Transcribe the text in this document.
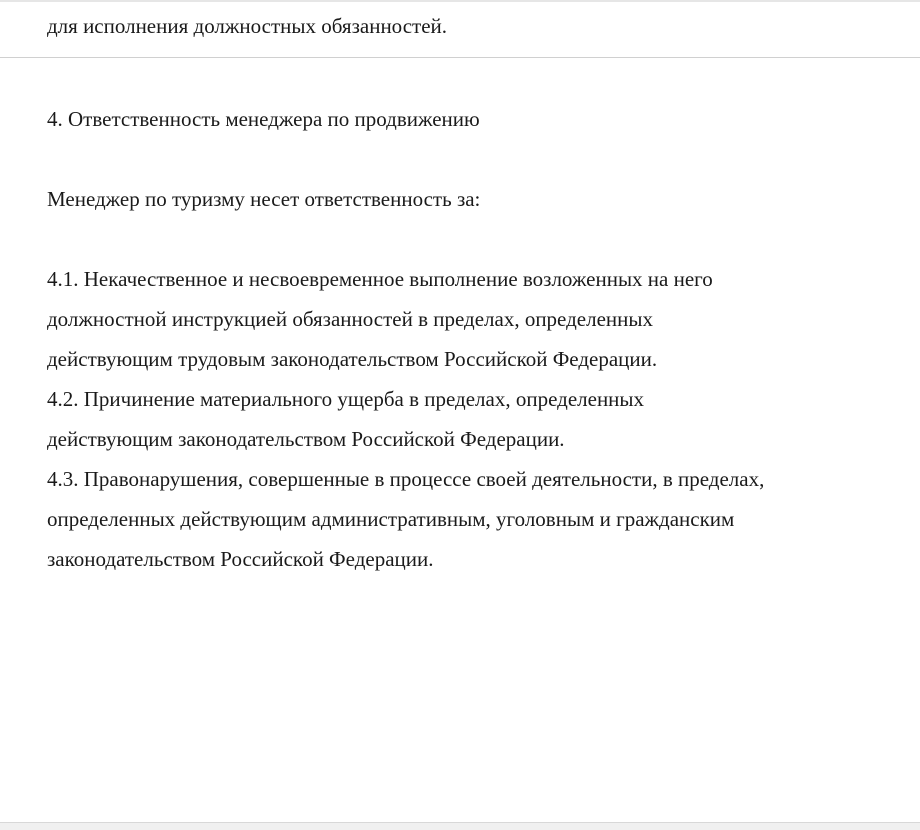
для исполнения должностных обязанностей.

4. Ответственность менеджера по продвижению

Менеджер по туризму несет ответственность за:

4.1. Некачественное и несвоевременное выполнение возложенных на него
должностной инструкцией обязанностей в пределах, определенных
действующим трудовым законодательством Российской Федерации.
4.2. Причинение материального ущерба в пределах, определенных
действующим законодательством Российской Федерации.
4.3. Правонарушения, совершенные в процессе своей деятельности, в пределах,
определенных действующим административным, уголовным и гражданским
законодательством Российской Федерации.
